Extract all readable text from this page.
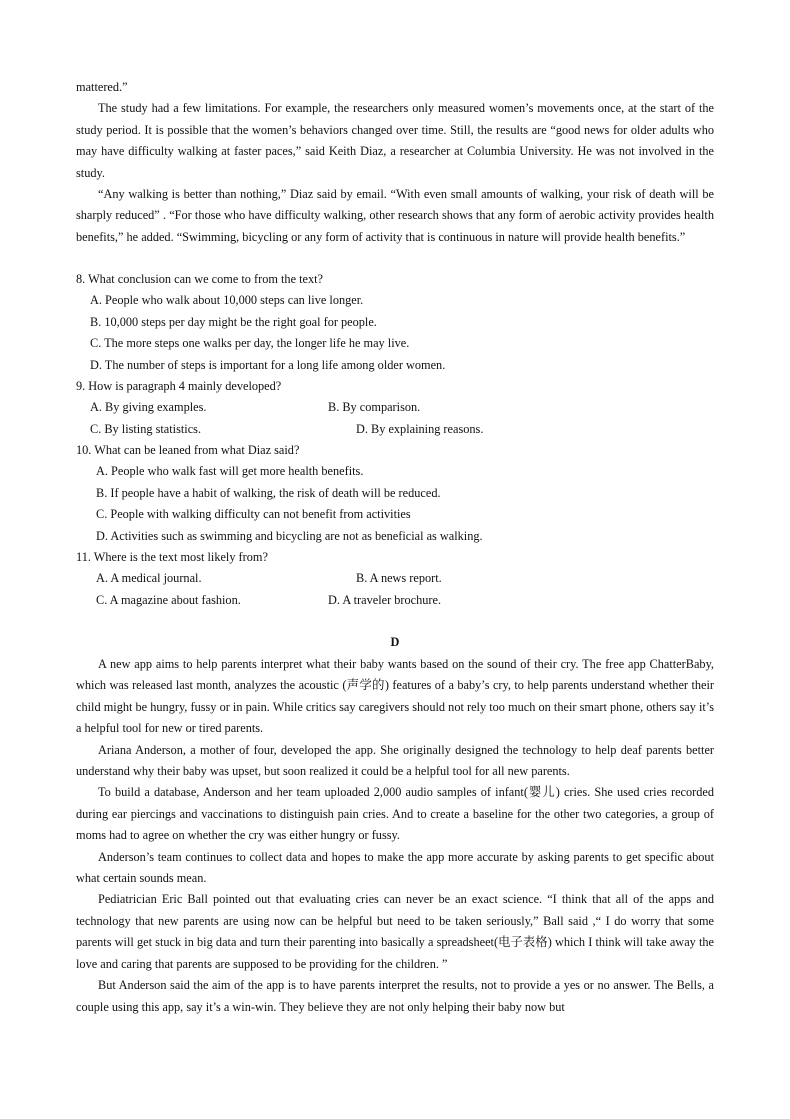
mattered.”

The study had a few limitations. For example, the researchers only measured women’s movements once, at the start of the study period. It is possible that the women’s behaviors changed over time. Still, the results are “good news for older adults who may have difficulty walking at faster paces,” said Keith Diaz, a researcher at Columbia University. He was not involved in the study.

“Any walking is better than nothing,” Diaz said by email. “With even small amounts of walking, your risk of death will be sharply reduced” . “For those who have difficulty walking, other research shows that any form of aerobic activity provides health benefits,” he added. “Swimming, bicycling or any form of activity that is continuous in nature will provide health benefits.”

8. What conclusion can we come to from the text?

A. People who walk about 10,000 steps can live longer.

B. 10,000 steps per day might be the right goal for people.

C. The more steps one walks per day, the longer life he may live.

D. The number of steps is important for a long life among older women.

9. How is paragraph 4 mainly developed?

A. By giving examples.	B. By comparison.
C. By listing statistics.	D. By explaining reasons.

10. What can be leaned from what Diaz said?

A. People who walk fast will get more health benefits.

B. If people have a habit of walking, the risk of death will be reduced.

C. People with walking difficulty can not benefit from activities

D. Activities such as swimming and bicycling are not as beneficial as walking.

11. Where is the text most likely from?

A. A medical journal.	B. A news report.
C. A magazine about fashion.	D. A traveler brochure.

D

A new app aims to help parents interpret what their baby wants based on the sound of their cry. The free app ChatterBaby, which was released last month, analyzes the acoustic (声学的) features of a baby’s cry, to help parents understand whether their child might be hungry, fussy or in pain. While critics say caregivers should not rely too much on their smart phone, others say it’s a helpful tool for new or tired parents.

Ariana Anderson, a mother of four, developed the app. She originally designed the technology to help deaf parents better understand why their baby was upset, but soon realized it could be a helpful tool for all new parents.

To build a database, Anderson and her team uploaded 2,000 audio samples of infant(婴儿) cries. She used cries recorded during ear piercings and vaccinations to distinguish pain cries. And to create a baseline for the other two categories, a group of moms had to agree on whether the cry was either hungry or fussy.

Anderson’s team continues to collect data and hopes to make the app more accurate by asking parents to get specific about what certain sounds mean.

Pediatrician Eric Ball pointed out that evaluating cries can never be an exact science. “I think that all of the apps and technology that new parents are using now can be helpful but need to be taken seriously,” Ball said ,“ I do worry that some parents will get stuck in big data and turn their parenting into basically a spreadsheet(电子表格) which I think will take away the love and caring that parents are supposed to be providing for the children. ”

But Anderson said the aim of the app is to have parents interpret the results, not to provide a yes or no answer. The Bells, a couple using this app, say it’s a win-win. They believe they are not only helping their baby now but
